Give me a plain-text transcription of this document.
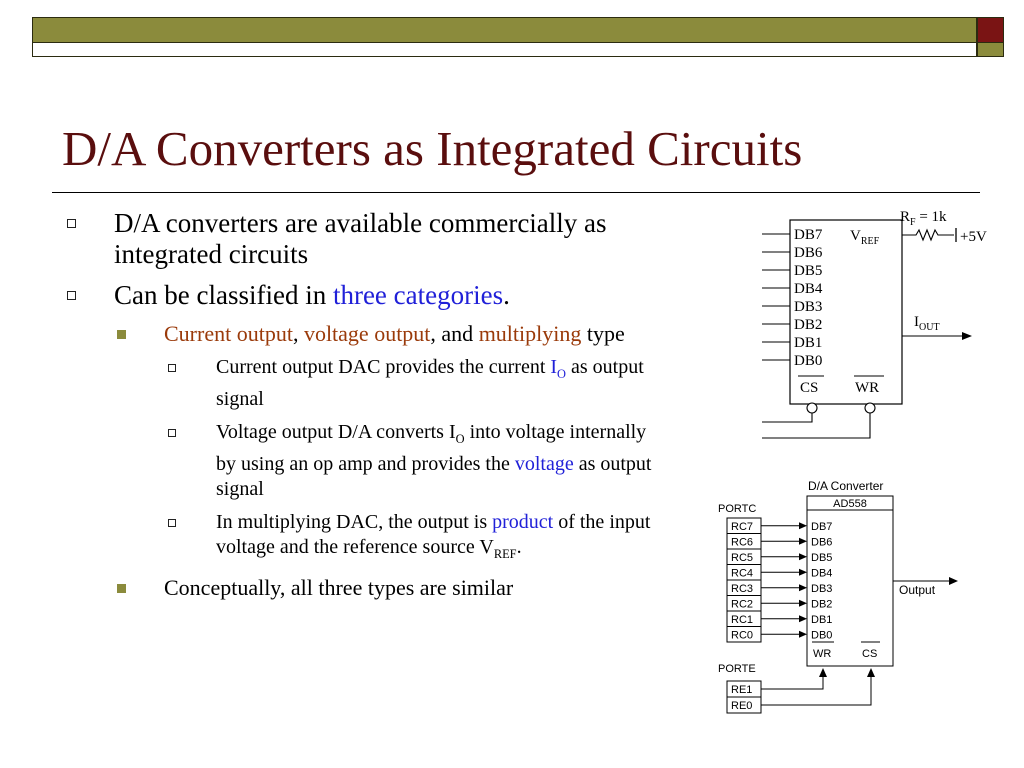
D/A Converters as Integrated Circuits
D/A converters are available commercially as integrated circuits
Can be classified in three categories.
Current output, voltage output, and multiplying type
Current output DAC provides the current $I_O$ as output signal
Voltage output D/A converts $I_O$ into voltage internally by using an op amp and provides the voltage as output signal
In multiplying DAC, the output is product of the input voltage and the reference source $V_{REF}$.
Conceptually, all three types are similar
DB7
DB6
DB5
DB4
DB3
DB2
DB1
DB0
$V_{REF}$
$R_F = 1k$
+5V
$I_{OUT}$
CS WR
D/A Converter
AD558
PORTC
RC7	DB7
RC6	DB6
RC5	DB5
RC4	DB4
RC3	DB3
RC2	DB2
RC1	DB1
RC0	DB0
Output
WR	CS
PORTE
RE1
RE0
